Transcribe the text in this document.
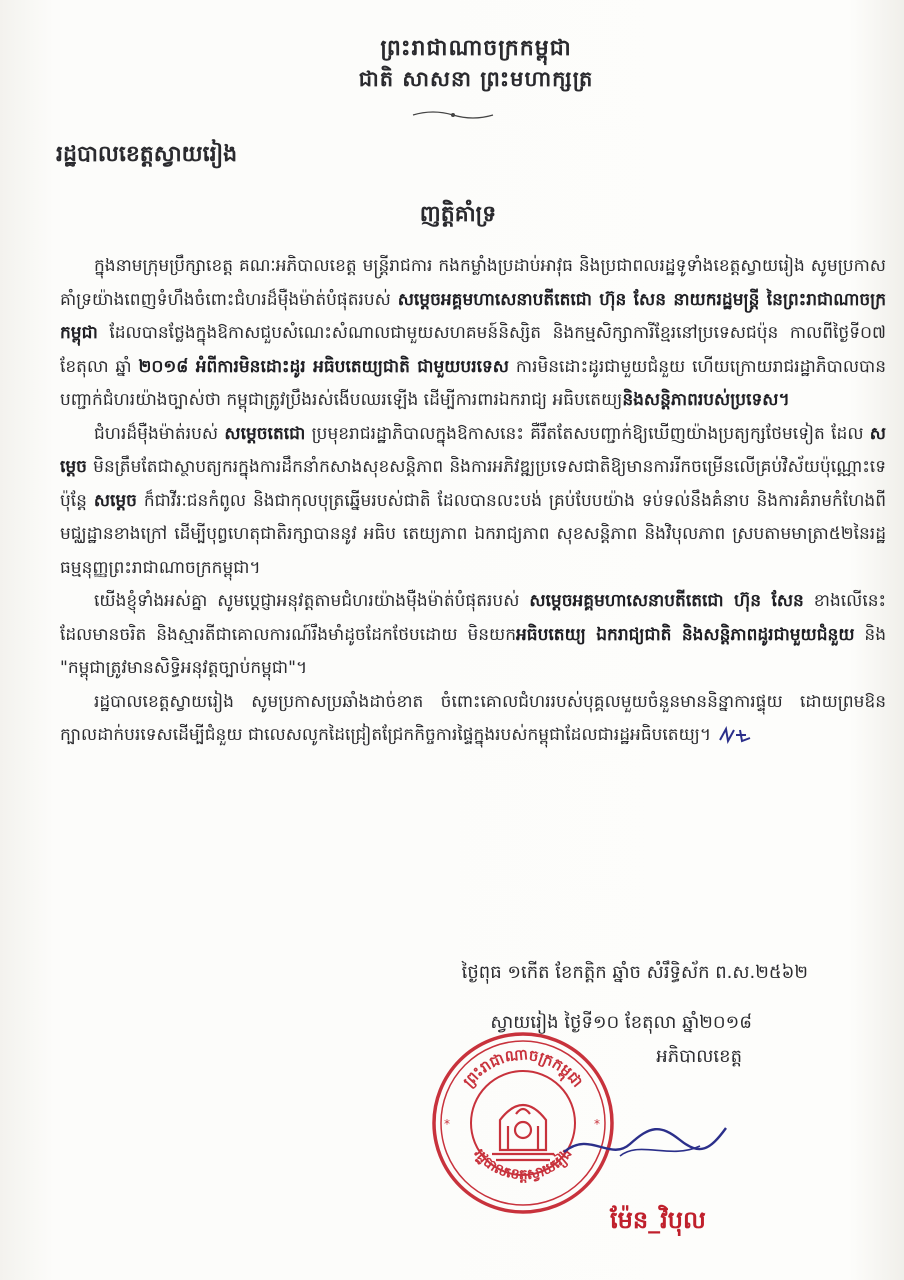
ព្រះរាជាណាចក្រកម្ពុជា
ជាតិ សាសនា ព្រះមហាក្សត្រ
រដ្ឋបាលខេត្តស្វាយរៀង
ញត្តិគាំទ្រ

ក្នុងនាមក្រុមប្រឹក្សាខេត្ត គណៈអភិបាលខេត្ត មន្ត្រីរាជការ កងកម្លាំងប្រដាប់អាវុធ និងប្រជាពលរដ្ឋទូទាំងខេត្តស្វាយរៀង សូមប្រកាសគាំទ្រយ៉ាងពេញទំហឹងចំពោះជំហរដ៏មុឺងម៉ាត់បំផុតរបស់ សម្តេចអគ្គមហាសេនាបតីតេជោ ហ៊ុន សែន នាយករដ្ឋមន្ត្រី នៃព្រះរាជាណាចក្រកម្ពុជា ដែលបានថ្លែងក្នុងឱកាសជួបសំណេះសំណាលជាមួយសហគមន៍និស្សិត និងកម្មសិក្សាការីខ្មែរនៅប្រទេសជប៉ុន កាលពីថ្ងៃទី០៧ ខែតុលា ឆ្នាំ ២០១៨ អំពីការមិនដោះដូរ អធិបតេយ្យជាតិ ជាមួយបរទេស ការមិនដោះដូរជាមួយជំនួយ ហើយក្រោយរាជរដ្ឋាភិបាលបានបញ្ជាក់ជំហរយ៉ាងច្បាស់ថា កម្ពុជាត្រូវប្រឹងរស់ងើបឈរឡើង ដើម្បីការពារឯករាជ្យ អធិបតេយ្យនិងសន្តិភាពរបស់ប្រទេស។

ជំហរដ៏មុឺងម៉ាត់របស់ សម្តេចតេជោ ប្រមុខរាជរដ្ឋាភិបាលក្នុងឱកាសនេះ គឺរឹតតែសបញ្ជាក់ឱ្យឃើញយ៉ាងប្រត្យក្សថែមទៀត ដែល សម្តេច មិនត្រឹមតែជាស្ថាបត្យករក្នុងការដឹកនាំកសាងសុខសន្តិភាព និងការអភិវឌ្ឍប្រទេសជាតិឱ្យមានការរីកចម្រើនលើគ្រប់វិស័យប៉ុណ្ណោះទេ ប៉ុន្តែ សម្តេច ក៏ជាវីរៈជនកំពូល និងជាកុលបុត្រឆ្នើមរបស់ជាតិ ដែលបានលះបង់ គ្រប់បែបយ៉ាង ទប់ទល់នឹងគំនាប និងការគំរាមកំហែងពីមជ្ឈដ្ឋានខាងក្រៅ ដើម្បីបុព្វហេតុជាតិរក្សាបាននូវ អធិប តេយ្យភាព ឯករាជ្យភាព សុខសន្តិភាព និងវិបុលភាព ស្របតាមមាត្រា៥២នៃរដ្ឋធម្មនុញ្ញព្រះរាជាណាចក្រកម្ពុជា។

យើងខ្ញុំទាំងអស់គ្នា សូមប្តេជ្ញាអនុវត្តតាមជំហរយ៉ាងមុឺងម៉ាត់បំផុតរបស់ សម្តេចអគ្គមហាសេនាបតីតេជោ ហ៊ុន សែន ខាងលើនេះ ដែលមានចរិត និងស្មារតីជាគោលការណ៍រឹងមាំដូចដែកថែបដោយ មិនយកអធិបតេយ្យ ឯករាជ្យជាតិ និងសន្តិភាពដូរជាមួយជំនួយ និង "កម្ពុជាត្រូវមានសិទ្ធិអនុវត្តច្បាប់កម្ពុជា"។

រដ្ឋបាលខេត្តស្វាយរៀង សូមប្រកាសប្រឆាំងដាច់ខាត ចំពោះគោលជំហររបស់បុគ្គលមួយចំនួនមាននិន្នាការផ្ទុយ ដោយព្រមឱនក្បាលដាក់បរទេសដើម្បីជំនួយ ជាលេសលូកដៃជ្រៀតជ្រែកកិច្ចការផ្ទៃក្នុងរបស់កម្ពុជាដែលជារដ្ឋអធិបតេយ្យ។

ថ្ងៃពុធ ១កើត ខែកត្ដិក ឆ្នាំច សំរឹទ្ធិស័ក ព.ស.២៥៦២
ស្វាយរៀង ថ្ងៃទី១០ ខែតុលា ឆ្នាំ២០១៨
អភិបាលខេត្ត
ព្រះរាជាណាចក្រកម្ពុជា
រដ្ឋបាលខេត្តស្វាយរៀង
*	*
ម៉ែន_វិបុល
